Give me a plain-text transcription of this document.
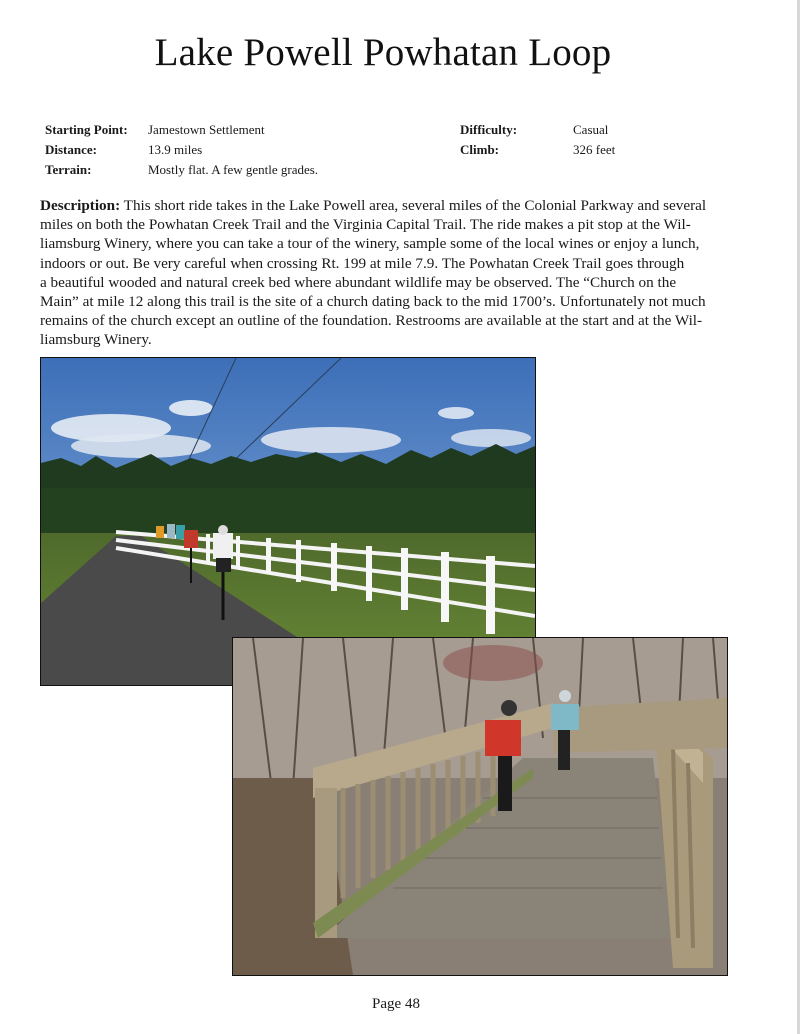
Lake Powell Powhatan Loop
Starting Point: Jamestown Settlement
Distance:	13.9 miles
Terrain:	Mostly flat. A few gentle grades.
Difficulty:	Casual
Climb:	326 feet
Description: This short ride takes in the Lake Powell area, several miles of the Colonial Parkway and several
miles on both the Powhatan Creek Trail and the Virginia Capital Trail. The ride makes a pit stop at the Wil-
liamsburg Winery, where you can take a tour of the winery, sample some of the local wines or enjoy a lunch,
indoors or out. Be very careful when crossing Rt. 199 at mile 7.9. The Powhatan Creek Trail goes through
a beautiful wooded and natural creek bed where abundant wildlife may be observed. The “Church on the
Main” at mile 12 along this trail is the site of a church dating back to the mid 1700’s. Unfortunately not much
remains of the church except an outline of the foundation. Restrooms are available at the start and at the Wil-
liamsburg Winery.
Page 48
